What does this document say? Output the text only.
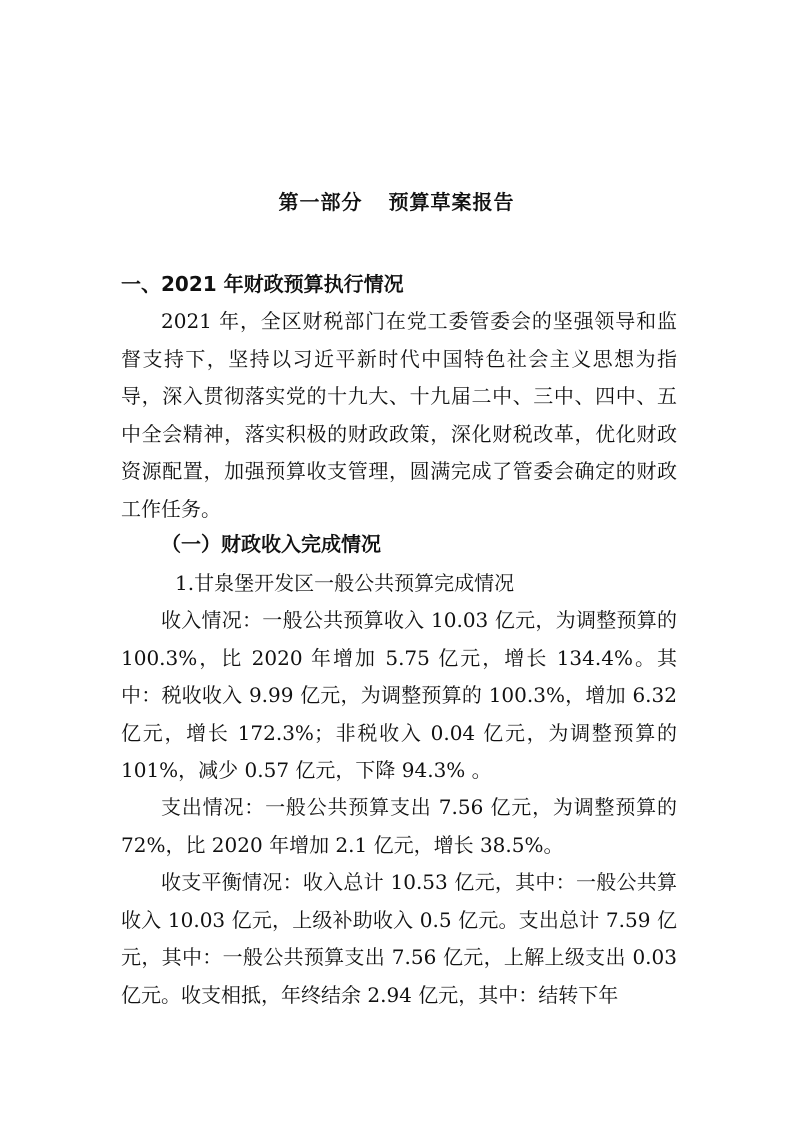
第一部分 预算草案报告
一、2021 年财政预算执行情况
2021 年，全区财税部门在党工委管委会的坚强领导和监督支持下，坚持以习近平新时代中国特色社会主义思想为指导，深入贯彻落实党的十九大、十九届二中、三中、四中、五中全会精神，落实积极的财政政策，深化财税改革，优化财政资源配置，加强预算收支管理，圆满完成了管委会确定的财政工作任务。
（一）财政收入完成情况
1.甘泉堡开发区一般公共预算完成情况
收入情况：一般公共预算收入 10.03 亿元，为调整预算的 100.3%，比 2020 年增加 5.75 亿元，增长 134.4%。其中：税收收入 9.99 亿元，为调整预算的 100.3%，增加 6.32 亿元，增长 172.3%；非税收入 0.04 亿元，为调整预算的 101%，减少 0.57 亿元，下降 94.3% 。
支出情况：一般公共预算支出 7.56 亿元，为调整预算的 72%，比 2020 年增加 2.1 亿元，增长 38.5%。
收支平衡情况：收入总计 10.53 亿元，其中：一般公共算收入 10.03 亿元，上级补助收入 0.5 亿元。支出总计 7.59 亿元，其中：一般公共预算支出 7.56 亿元，上解上级支出 0.03 亿元。收支相抵，年终结余 2.94 亿元，其中：结转下年
